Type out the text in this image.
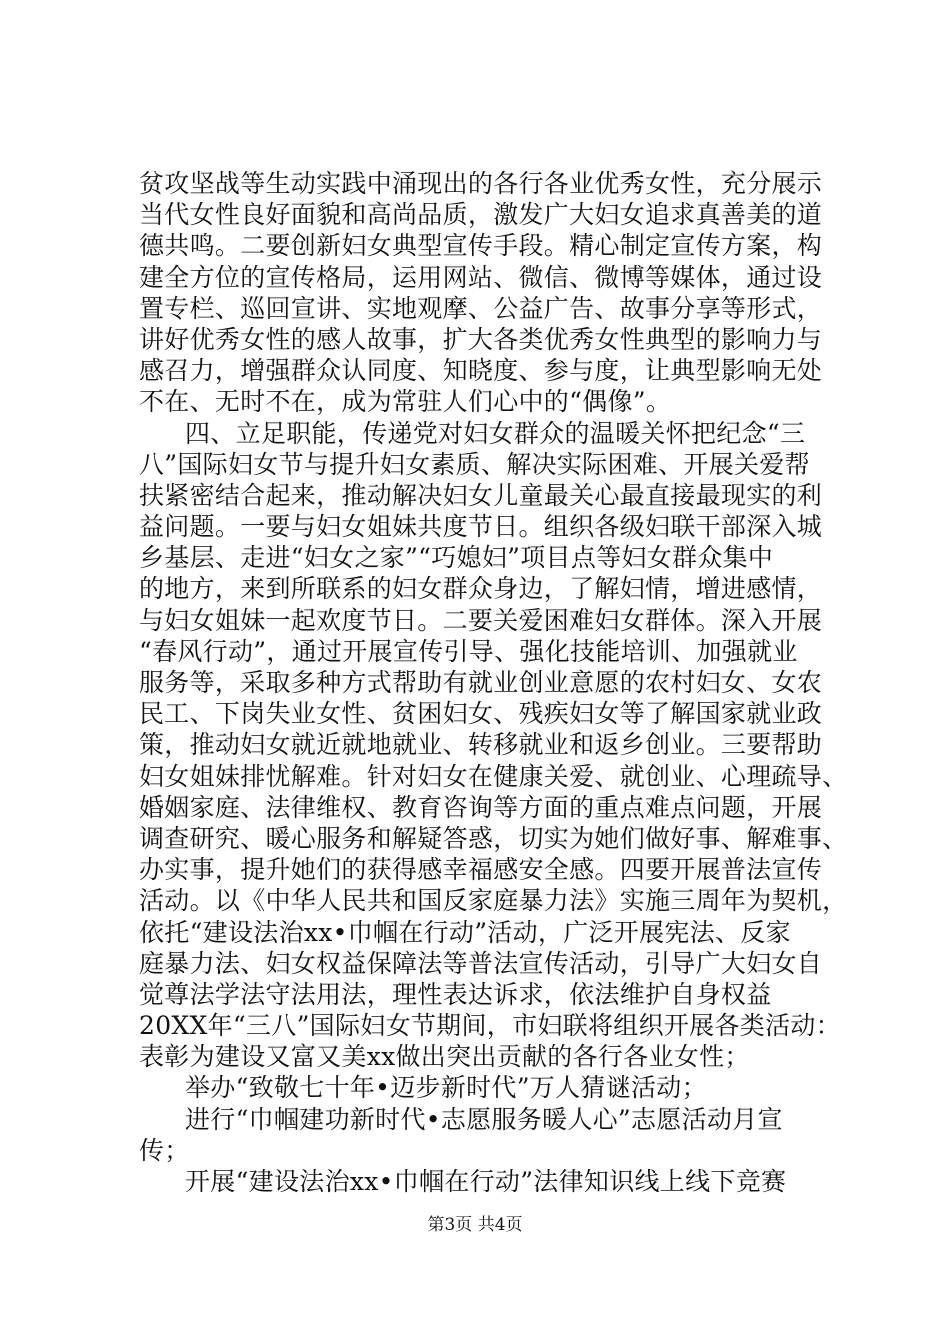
贫攻坚战等生动实践中涌现出的各行各业优秀女性，充分展示
当代女性良好面貌和高尚品质，激发广大妇女追求真善美的道
德共鸣。二要创新妇女典型宣传手段。精心制定宣传方案，构
建全方位的宣传格局，运用网站、微信、微博等媒体，通过设
置专栏、巡回宣讲、实地观摩、公益广告、故事分享等形式，
讲好优秀女性的感人故事，扩大各类优秀女性典型的影响力与
感召力，增强群众认同度、知晓度、参与度，让典型影响无处
不在、无时不在，成为常驻人们心中的“偶像”。
四、立足职能，传递党对妇女群众的温暖关怀把纪念“三
八”国际妇女节与提升妇女素质、解决实际困难、开展关爱帮
扶紧密结合起来，推动解决妇女儿童最关心最直接最现实的利
益问题。一要与妇女姐妹共度节日。组织各级妇联干部深入城
乡基层、走进“妇女之家”“巧媳妇”项目点等妇女群众集中
的地方，来到所联系的妇女群众身边，了解妇情，增进感情，
与妇女姐妹一起欢度节日。二要关爱困难妇女群体。深入开展
“春风行动”，通过开展宣传引导、强化技能培训、加强就业
服务等，采取多种方式帮助有就业创业意愿的农村妇女、女农
民工、下岗失业女性、贫困妇女、残疾妇女等了解国家就业政
策，推动妇女就近就地就业、转移就业和返乡创业。三要帮助
妇女姐妹排忧解难。针对妇女在健康关爱、就创业、心理疏导、
婚姻家庭、法律维权、教育咨询等方面的重点难点问题，开展
调查研究、暖心服务和解疑答惑，切实为她们做好事、解难事、
办实事，提升她们的获得感幸福感安全感。四要开展普法宣传
活动。以《中华人民共和国反家庭暴力法》实施三周年为契机，
依托“建设法治xx•巾帼在行动”活动，广泛开展宪法、反家
庭暴力法、妇女权益保障法等普法宣传活动，引导广大妇女自
觉尊法学法守法用法，理性表达诉求，依法维护自身权益
20XX年“三八”国际妇女节期间，市妇联将组织开展各类活动：
表彰为建设又富又美xx做出突出贡献的各行各业女性；
举办“致敬七十年•迈步新时代”万人猜谜活动；
进行“巾帼建功新时代•志愿服务暖人心”志愿活动月宣
传；
开展“建设法治xx•巾帼在行动”法律知识线上线下竞赛
第3页 共4页
